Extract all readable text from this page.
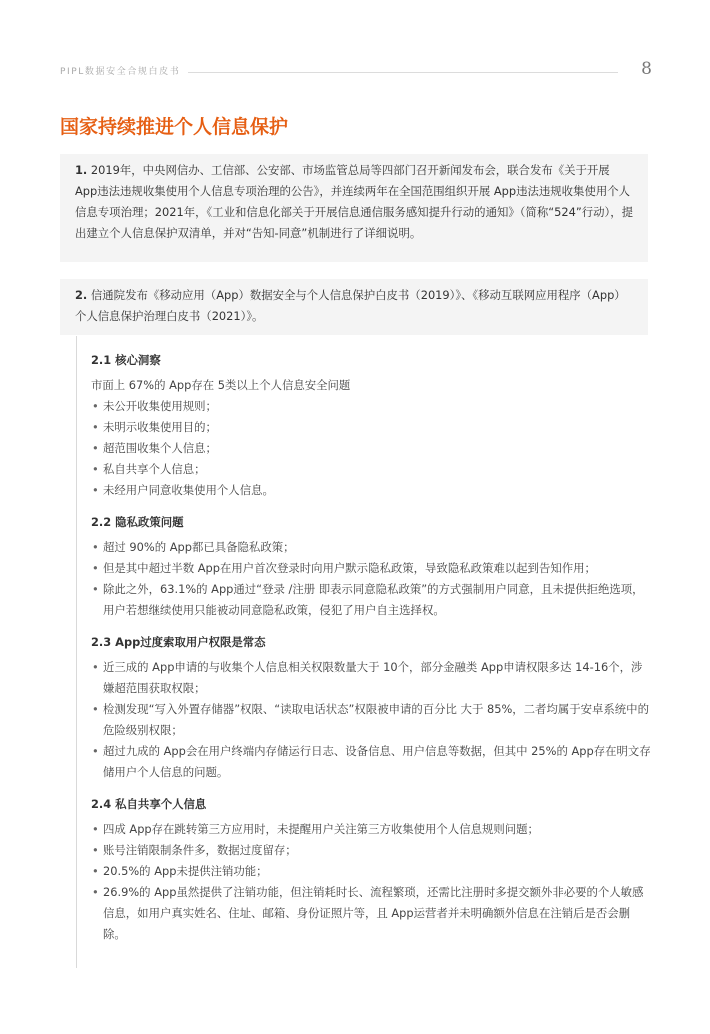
PIPL数据安全合规白皮书	8
国家持续推进个人信息保护
1. 2019年，中央网信办、工信部、公安部、市场监管总局等四部门召开新闻发布会，联合发布《关于开展 App违法违规收集使用个人信息专项治理的公告》，并连续两年在全国范围组织开展 App违法违规收集使用个人信息专项治理；2021年，《工业和信息化部关于开展信息通信服务感知提升行动的通知》（简称“524”行动），提出建立个人信息保护双清单，并对“告知-同意”机制进行了详细说明。
2. 信通院发布《移动应用（App）数据安全与个人信息保护白皮书（2019）》、《移动互联网应用程序（App）个人信息保护治理白皮书（2021）》。

2.1 核心洞察

市面上 67%的 App存在 5类以上个人信息安全问题

• 未公开收集使用规则；
• 未明示收集使用目的；
• 超范围收集个人信息；
• 私自共享个人信息；
• 未经用户同意收集使用个人信息。

2.2 隐私政策问题

• 超过 90%的 App都已具备隐私政策；
• 但是其中超过半数 App在用户首次登录时向用户默示隐私政策，导致隐私政策难以起到告知作用；
• 除此之外，63.1%的 App通过“登录 /注册 即表示同意隐私政策”的方式强制用户同意，且未提供拒绝选项，用户若想继续使用只能被动同意隐私政策，侵犯了用户自主选择权。

2.3 App过度索取用户权限是常态

• 近三成的 App申请的与收集个人信息相关权限数量大于 10个，部分金融类 App申请权限多达 14-16个，涉嫌超范围获取权限；
• 检测发现“写入外置存储器”权限、“读取电话状态”权限被申请的百分比 大于 85%，二者均属于安卓系统中的危险级别权限；
• 超过九成的 App会在用户终端内存储运行日志、设备信息、用户信息等数据，但其中 25%的 App存在明文存储用户个人信息的问题。

2.4 私自共享个人信息

• 四成 App存在跳转第三方应用时，未提醒用户关注第三方收集使用个人信息规则问题；
• 账号注销限制条件多，数据过度留存；
• 20.5%的 App未提供注销功能；
• 26.9%的 App虽然提供了注销功能，但注销耗时长、流程繁琐，还需比注册时多提交额外非必要的个人敏感信息，如用户真实姓名、住址、邮箱、身份证照片等，且 App运营者并未明确额外信息在注销后是否会删除。
